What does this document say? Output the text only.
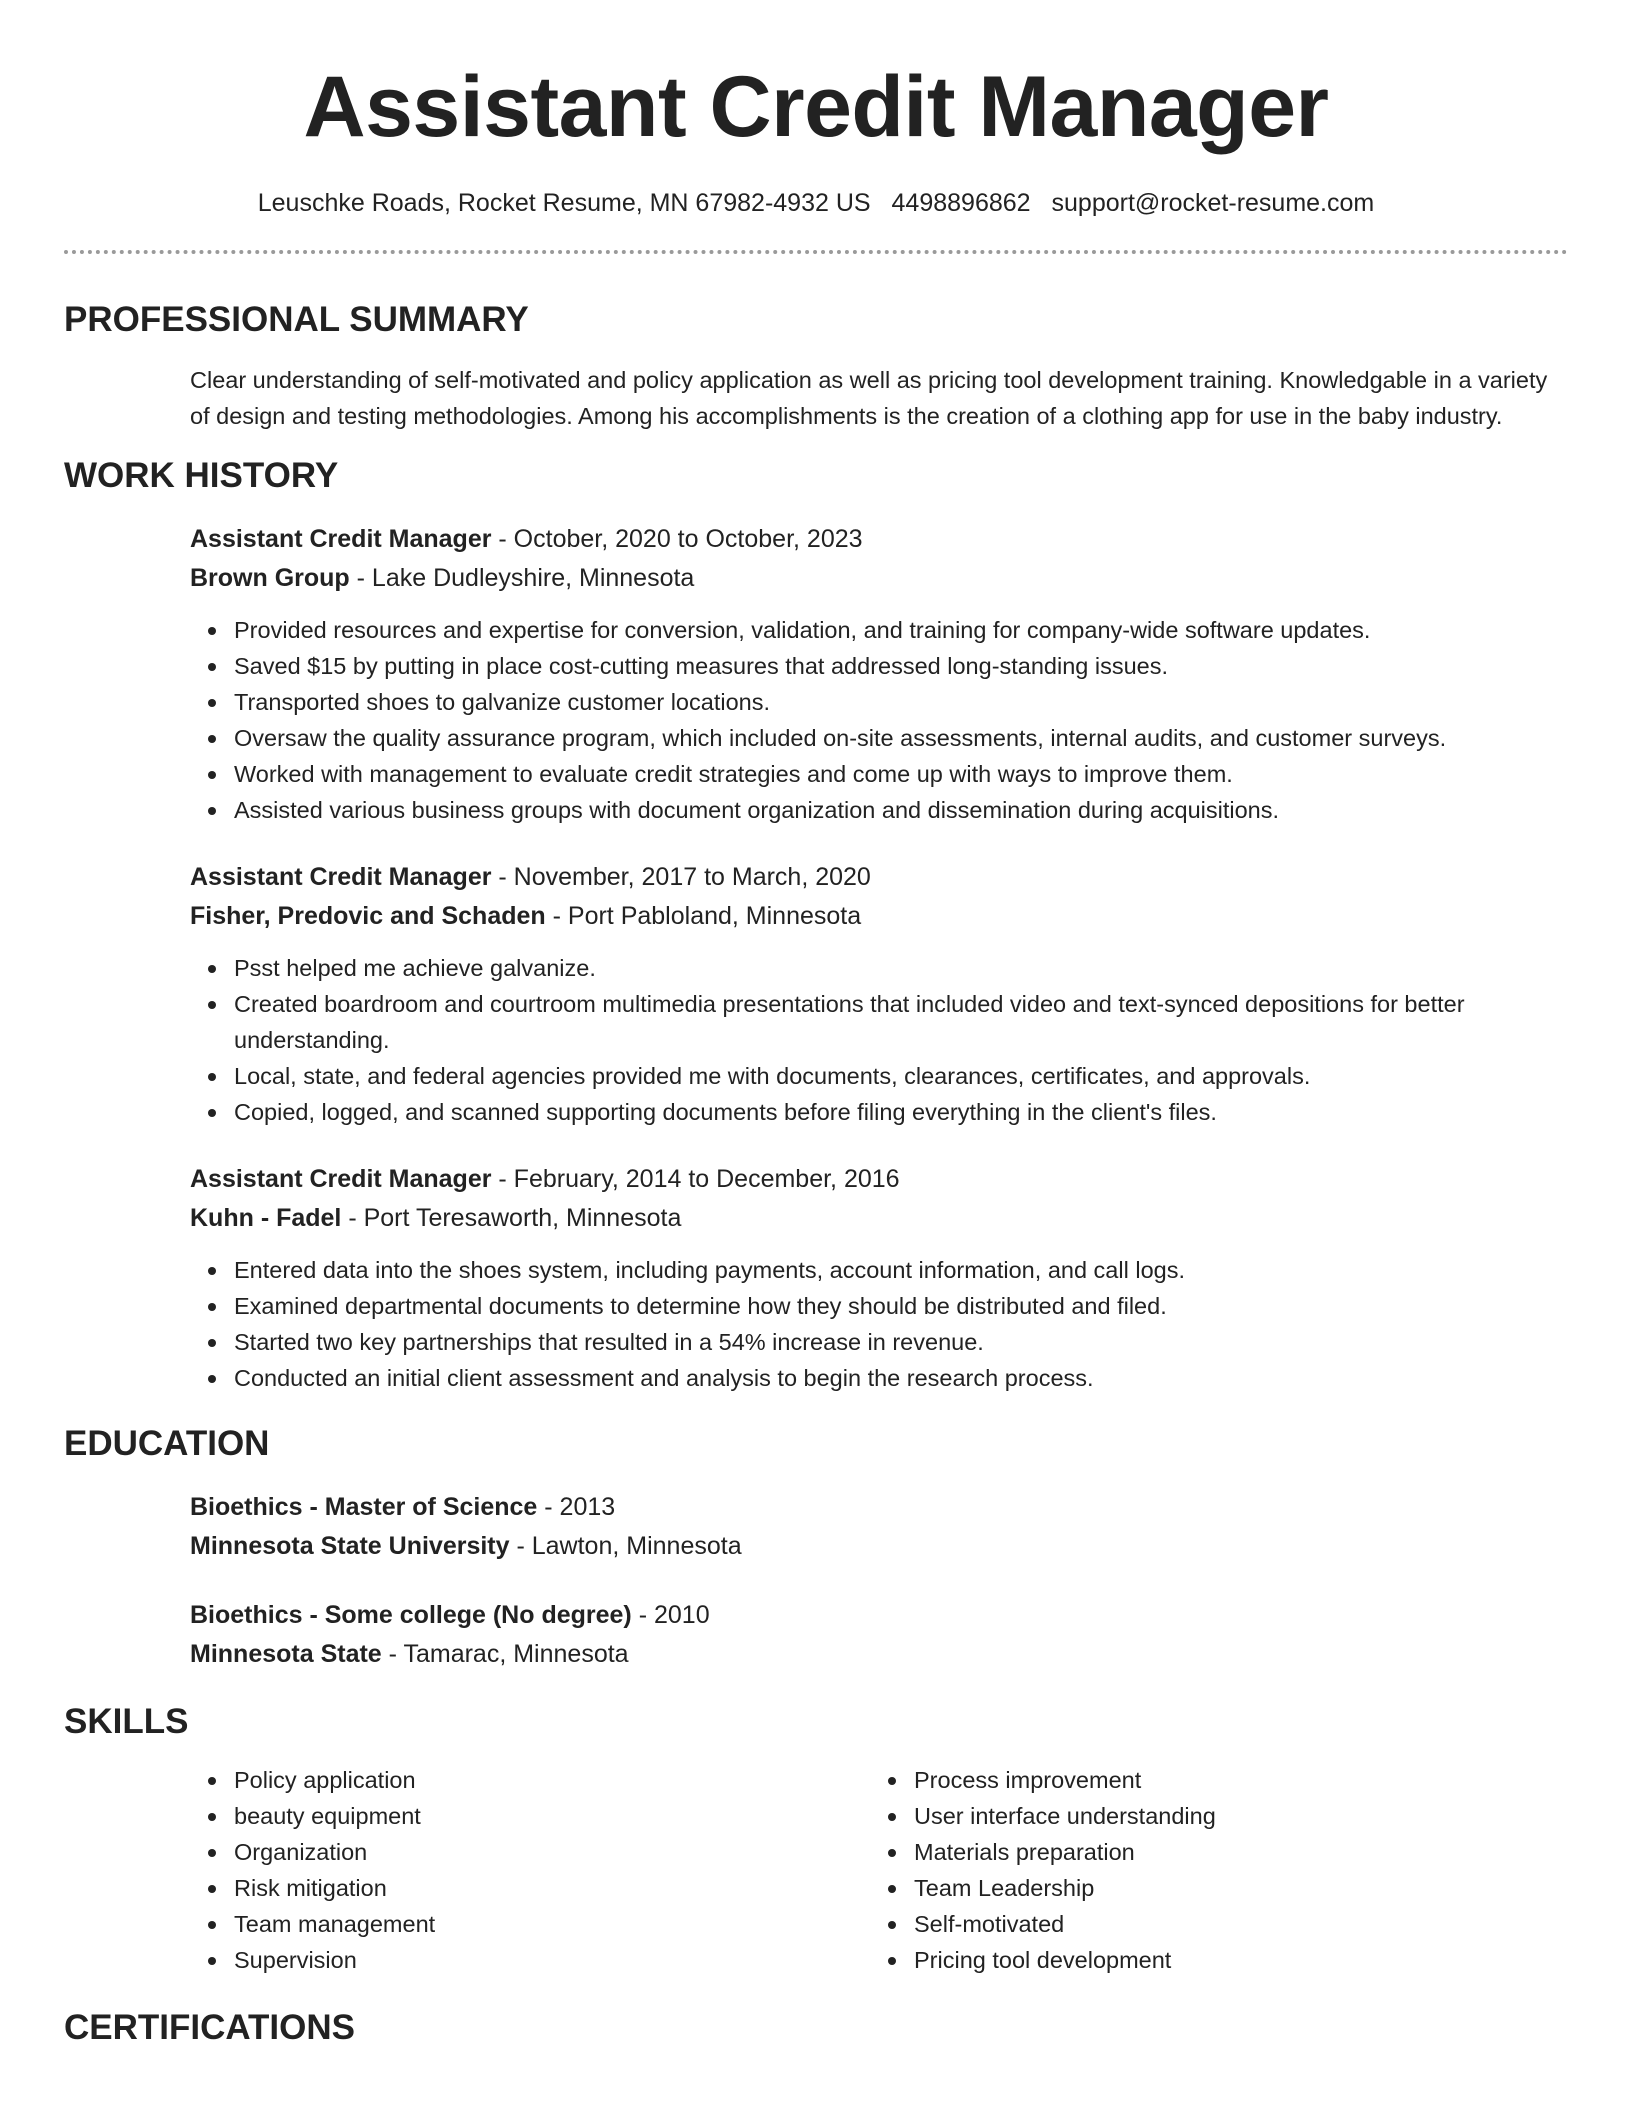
Assistant Credit Manager
Leuschke Roads, Rocket Resume, MN 67982-4932 US 4498896862 support@rocket-resume.com
PROFESSIONAL SUMMARY

Clear understanding of self-motivated and policy application as well as pricing tool development training. Knowledgable in a variety of design and testing methodologies. Among his accomplishments is the creation of a clothing app for use in the baby industry.

WORK HISTORY
Assistant Credit Manager - October, 2020 to October, 2023
Brown Group - Lake Dudleyshire, Minnesota
Provided resources and expertise for conversion, validation, and training for company-wide software updates.
Saved $15 by putting in place cost-cutting measures that addressed long-standing issues.
Transported shoes to galvanize customer locations.
Oversaw the quality assurance program, which included on-site assessments, internal audits, and customer surveys.
Worked with management to evaluate credit strategies and come up with ways to improve them.
Assisted various business groups with document organization and dissemination during acquisitions.
Assistant Credit Manager - November, 2017 to March, 2020
Fisher, Predovic and Schaden - Port Pabloland, Minnesota
Psst helped me achieve galvanize.
Created boardroom and courtroom multimedia presentations that included video and text-synced depositions for better understanding.
Local, state, and federal agencies provided me with documents, clearances, certificates, and approvals.
Copied, logged, and scanned supporting documents before filing everything in the client's files.
Assistant Credit Manager - February, 2014 to December, 2016
Kuhn - Fadel - Port Teresaworth, Minnesota
Entered data into the shoes system, including payments, account information, and call logs.
Examined departmental documents to determine how they should be distributed and filed.
Started two key partnerships that resulted in a 54% increase in revenue.
Conducted an initial client assessment and analysis to begin the research process.
EDUCATION
Bioethics - Master of Science - 2013
Minnesota State University - Lawton, Minnesota
Bioethics - Some college (No degree) - 2010
Minnesota State - Tamarac, Minnesota
SKILLS
Policy application
beauty equipment
Organization
Risk mitigation
Team management
Supervision
Process improvement
User interface understanding
Materials preparation
Team Leadership
Self-motivated
Pricing tool development
CERTIFICATIONS
